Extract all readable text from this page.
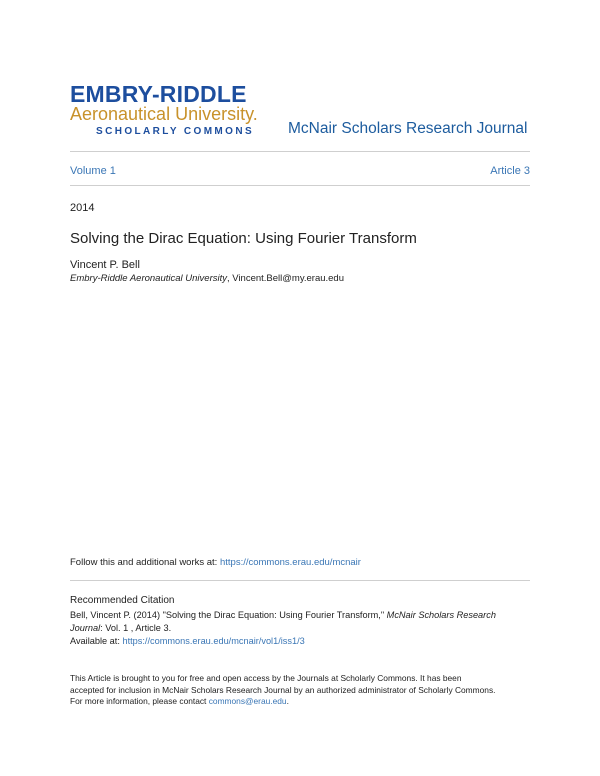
EMBRY-RIDDLE
Aeronautical University.
SCHOLARLY COMMONS McNair Scholars Research Journal
Volume 1	Article 3
2014
Solving the Dirac Equation: Using Fourier Transform
Vincent P. Bell
Embry-Riddle Aeronautical University, Vincent.Bell@my.erau.edu
Follow this and additional works at: https://commons.erau.edu/mcnair
Recommended Citation
Bell, Vincent P. (2014) "Solving the Dirac Equation: Using Fourier Transform," McNair Scholars Research
Journal: Vol. 1 , Article 3.
Available at: https://commons.erau.edu/mcnair/vol1/iss1/3
This Article is brought to you for free and open access by the Journals at Scholarly Commons. It has been
accepted for inclusion in McNair Scholars Research Journal by an authorized administrator of Scholarly Commons.
For more information, please contact commons@erau.edu.
